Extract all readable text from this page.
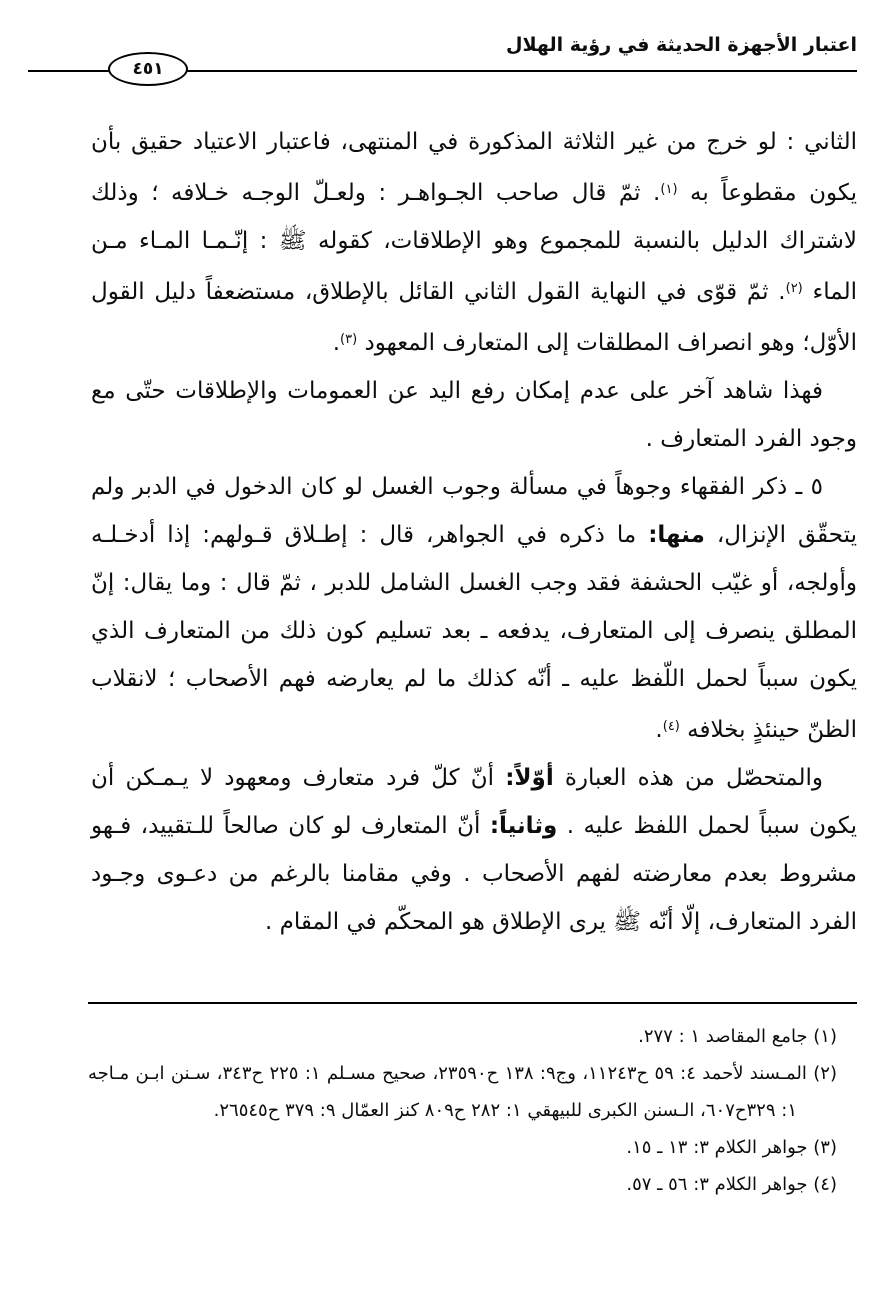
اعتبار الأجهزة الحديثة في رؤية الهلال
٤٥١

الثاني : لو خرج من غير الثلاثة المذكورة في المنتهى، فاعتبار الاعتياد حقيق بأن يكون مقطوعاً به $^{(١)}$. ثمّ قال صاحب الجـواهـر : ولعـلّ الوجـه خـلافه ؛ وذلك لاشتراك الدليل بالنسبة للمجموع وهو الإطلاقات، كقوله ﷺ : إنّـمـا المـاء مـن الماء $^{(٢)}$. ثمّ قوّى في النهاية القول الثاني القائل بالإطلاق، مستضعفاً دليل القول الأوّل؛ وهو انصراف المطلقات إلى المتعارف المعهود $^{(٣)}$.

فهذا شاهد آخر على عدم إمكان رفع اليد عن العمومات والإطلاقات حتّى مع وجود الفرد المتعارف .

٥ ـ ذكر الفقهاء وجوهاً في مسألة وجوب الغسل لو كان الدخول في الدبر ولم يتحقّق الإنزال، منها: ما ذكره في الجواهر، قال : إطـلاق قـولهم: إذا أدخـلـه وأولجه، أو غيّب الحشفة فقد وجب الغسل الشامل للدبر ، ثمّ قال : وما يقال: إنّ المطلق ينصرف إلى المتعارف، يدفعه ـ بعد تسليم كون ذلك من المتعارف الذي يكون سبباً لحمل اللّفظ عليه ـ أنّه كذلك ما لم يعارضه فهم الأصحاب ؛ لانقلاب الظنّ حينئذٍ بخلافه $^{(٤)}$.

والمتحصّل من هذه العبارة أوّلاً: أنّ كلّ فرد متعارف ومعهود لا يـمـكن أن يكون سبباً لحمل اللفظ عليه . وثانياً: أنّ المتعارف لو كان صالحاً للـتقييد، فـهو مشروط بعدم معارضته لفهم الأصحاب . وفي مقامنا بالرغم من دعـوى وجـود الفرد المتعارف، إلّا أنّه ﷺ يرى الإطلاق هو المحكّم في المقام .

(١) جامع المقاصد ١ : ٢٧٧.

(٢) المـسند لأحمد ٤: ٥٩ ح١١٢٤٣، وج٩: ١٣٨ ح٢٣٥٩٠، صحيح مسـلم ١: ٢٢٥ ح٣٤٣، سـنن ابـن مـاجه ١: ٣٢٩ح٦٠٧، الـسنن الكبرى للبيهقي ١: ٢٨٢ ح٨٠٩ كنز العمّال ٩: ٣٧٩ ح٢٦٥٤٥.

(٣) جواهر الكلام ٣: ١٣ ـ ١٥.

(٤) جواهر الكلام ٣: ٥٦ ـ ٥٧.
